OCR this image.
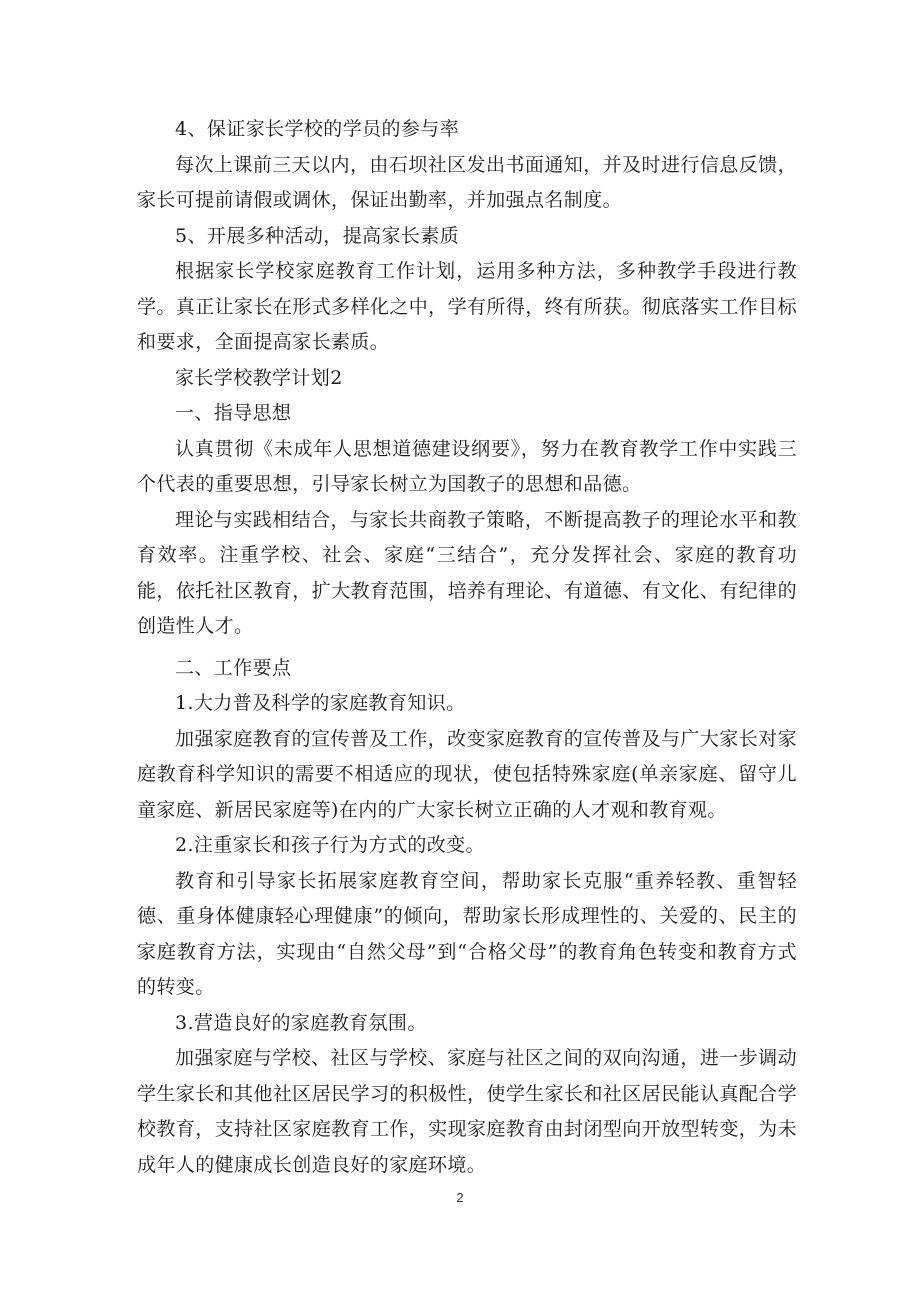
4、保证家长学校的学员的参与率

每次上课前三天以内，由石坝社区发出书面通知，并及时进行信息反馈，家长可提前请假或调休，保证出勤率，并加强点名制度。

5、开展多种活动，提高家长素质

根据家长学校家庭教育工作计划，运用多种方法，多种教学手段进行教学。真正让家长在形式多样化之中，学有所得，终有所获。彻底落实工作目标和要求，全面提高家长素质。

家长学校教学计划2

一、指导思想

认真贯彻《未成年人思想道德建设纲要》，努力在教育教学工作中实践三个代表的重要思想，引导家长树立为国教子的思想和品德。

理论与实践相结合，与家长共商教子策略，不断提高教子的理论水平和教育效率。注重学校、社会、家庭“三结合”，充分发挥社会、家庭的教育功能，依托社区教育，扩大教育范围，培养有理论、有道德、有文化、有纪律的创造性人才。

二、工作要点

1.大力普及科学的家庭教育知识。

加强家庭教育的宣传普及工作，改变家庭教育的宣传普及与广大家长对家庭教育科学知识的需要不相适应的现状，使包括特殊家庭(单亲家庭、留守儿童家庭、新居民家庭等)在内的广大家长树立正确的人才观和教育观。

2.注重家长和孩子行为方式的改变。

教育和引导家长拓展家庭教育空间，帮助家长克服“重养轻教、重智轻德、重身体健康轻心理健康”的倾向，帮助家长形成理性的、关爱的、民主的家庭教育方法，实现由“自然父母”到“合格父母”的教育角色转变和教育方式的转变。

3.营造良好的家庭教育氛围。

加强家庭与学校、社区与学校、家庭与社区之间的双向沟通，进一步调动学生家长和其他社区居民学习的积极性，使学生家长和社区居民能认真配合学校教育，支持社区家庭教育工作，实现家庭教育由封闭型向开放型转变，为未成年人的健康成长创造良好的家庭环境。

2
